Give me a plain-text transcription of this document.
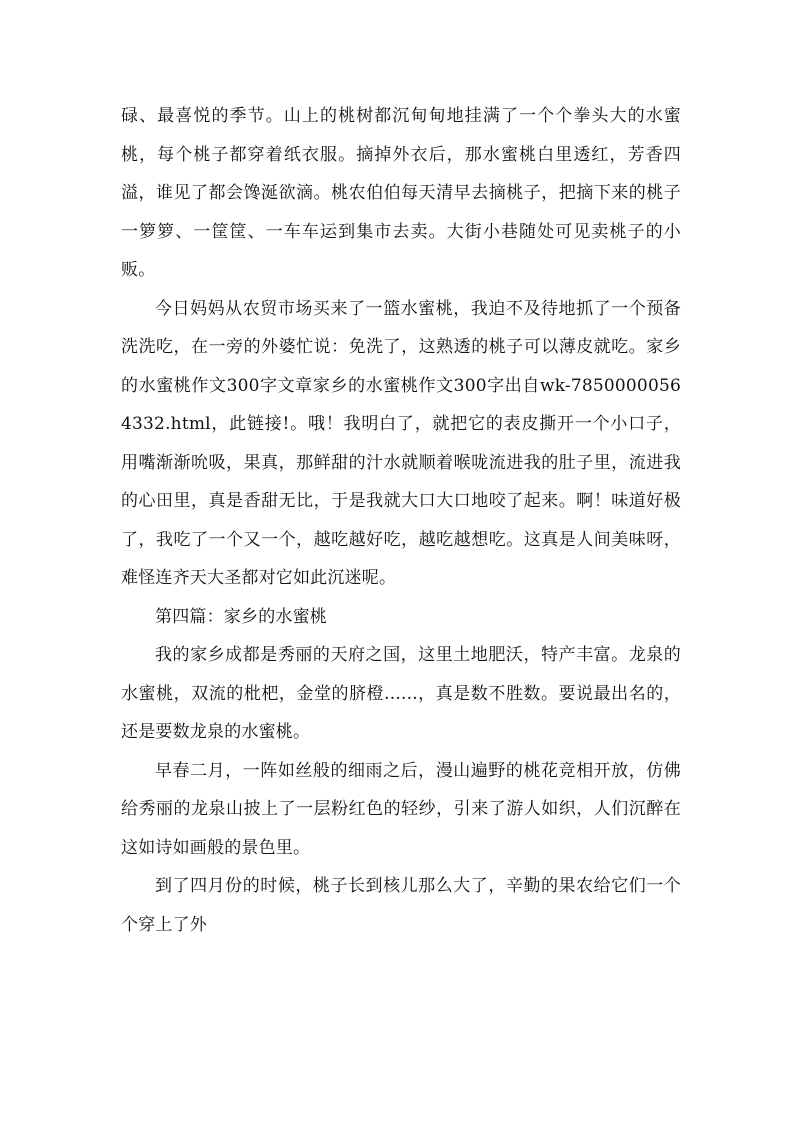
碌、最喜悦的季节。山上的桃树都沉甸甸地挂满了一个个拳头大的水蜜桃，每个桃子都穿着纸衣服。摘掉外衣后，那水蜜桃白里透红，芳香四溢，谁见了都会馋涎欲滴。桃农伯伯每天清早去摘桃子，把摘下来的桃子一箩箩、一筐筐、一车车运到集市去卖。大街小巷随处可见卖桃子的小贩。

今日妈妈从农贸市场买来了一篮水蜜桃，我迫不及待地抓了一个预备洗洗吃，在一旁的外婆忙说：免洗了，这熟透的桃子可以薄皮就吃。家乡的水蜜桃作文300字文章家乡的水蜜桃作文300字出自wk-78500000564332.html，此链接!。哦！我明白了，就把它的表皮撕开一个小口子，用嘴渐渐吮吸，果真，那鲜甜的汁水就顺着喉咙流进我的肚子里，流进我的心田里，真是香甜无比，于是我就大口大口地咬了起来。啊！味道好极了，我吃了一个又一个，越吃越好吃，越吃越想吃。这真是人间美味呀，难怪连齐天大圣都对它如此沉迷呢。

第四篇：家乡的水蜜桃

我的家乡成都是秀丽的天府之国，这里土地肥沃，特产丰富。龙泉的水蜜桃，双流的枇杷，金堂的脐橙......，真是数不胜数。要说最出名的，还是要数龙泉的水蜜桃。

早春二月，一阵如丝般的细雨之后，漫山遍野的桃花竞相开放，仿佛给秀丽的龙泉山披上了一层粉红色的轻纱，引来了游人如织，人们沉醉在这如诗如画般的景色里。

到了四月份的时候，桃子长到核儿那么大了，辛勤的果农给它们一个个穿上了外
